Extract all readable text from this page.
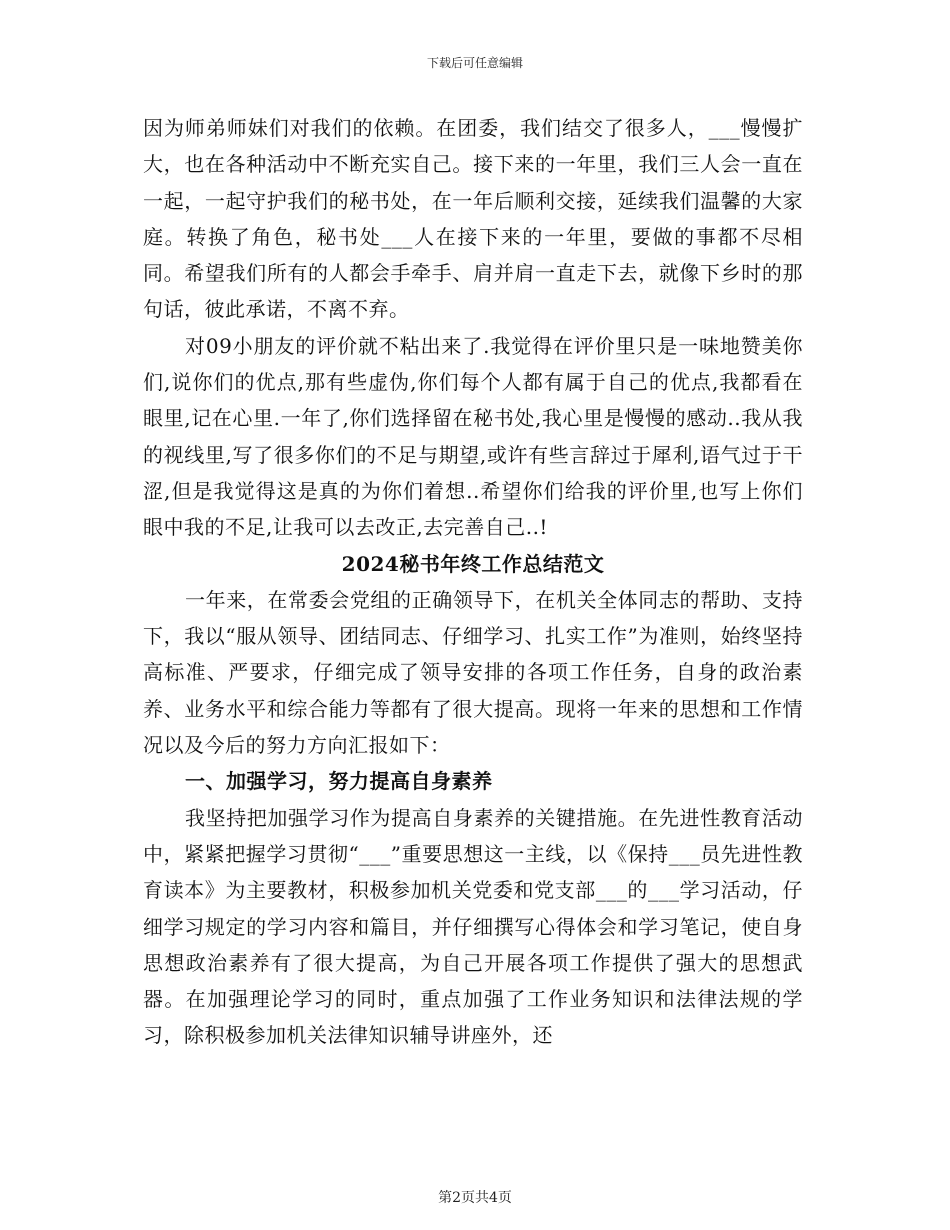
下载后可任意编辑

因为师弟师妹们对我们的依赖。在团委，我们结交了很多人，___慢慢扩大，也在各种活动中不断充实自己。接下来的一年里，我们三人会一直在一起，一起守护我们的秘书处，在一年后顺利交接，延续我们温馨的大家庭。转换了角色，秘书处___人在接下来的一年里，要做的事都不尽相同。希望我们所有的人都会手牵手、肩并肩一直走下去，就像下乡时的那句话，彼此承诺，不离不弃。

对09小朋友的评价就不粘出来了.我觉得在评价里只是一味地赞美你们,说你们的优点,那有些虚伪,你们每个人都有属于自己的优点,我都看在眼里,记在心里.一年了,你们选择留在秘书处,我心里是慢慢的感动..我从我的视线里,写了很多你们的不足与期望,或许有些言辞过于犀利,语气过于干涩,但是我觉得这是真的为你们着想..希望你们给我的评价里,也写上你们眼中我的不足,让我可以去改正,去完善自己..!

2024秘书年终工作总结范文

一年来，在常委会党组的正确领导下，在机关全体同志的帮助、支持下，我以“服从领导、团结同志、仔细学习、扎实工作”为准则，始终坚持高标准、严要求，仔细完成了领导安排的各项工作任务，自身的政治素养、业务水平和综合能力等都有了很大提高。现将一年来的思想和工作情况以及今后的努力方向汇报如下：

一、加强学习，努力提高自身素养

我坚持把加强学习作为提高自身素养的关键措施。在先进性教育活动中，紧紧把握学习贯彻“___”重要思想这一主线，以《保持___员先进性教育读本》为主要教材，积极参加机关党委和党支部___的___学习活动，仔细学习规定的学习内容和篇目，并仔细撰写心得体会和学习笔记，使自身思想政治素养有了很大提高，为自己开展各项工作提供了强大的思想武器。在加强理论学习的同时，重点加强了工作业务知识和法律法规的学习，除积极参加机关法律知识辅导讲座外，还

第2页共4页
